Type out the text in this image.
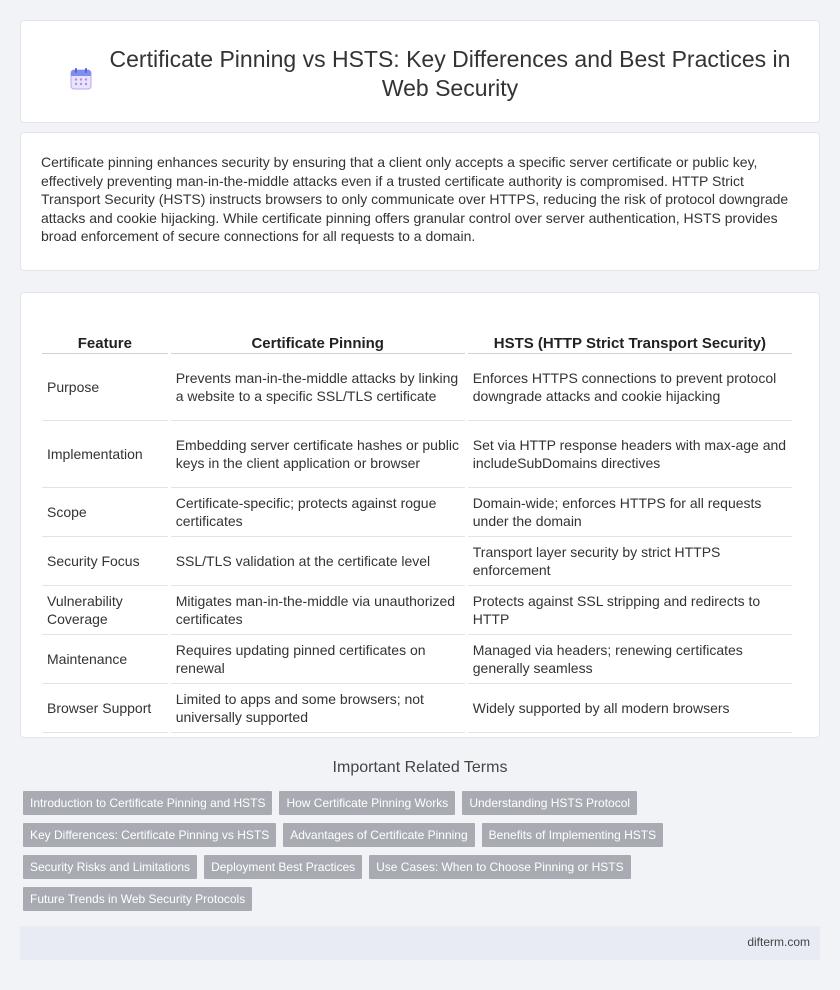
Certificate Pinning vs HSTS: Key Differences and Best Practices in Web Security

Certificate pinning enhances security by ensuring that a client only accepts a specific server certificate or public key, effectively preventing man-in-the-middle attacks even if a trusted certificate authority is compromised. HTTP Strict Transport Security (HSTS) instructs browsers to only communicate over HTTPS, reducing the risk of protocol downgrade attacks and cookie hijacking. While certificate pinning offers granular control over server authentication, HSTS provides broad enforcement of secure connections for all requests to a domain.

Feature	Certificate Pinning	HSTS (HTTP Strict Transport Security)
Purpose	Prevents man-in-the-middle attacks by linking a website to a specific SSL/TLS certificate	Enforces HTTPS connections to prevent protocol downgrade attacks and cookie hijacking
Implementation	Embedding server certificate hashes or public keys in the client application or browser	Set via HTTP response headers with max-age and includeSubDomains directives
Scope	Certificate-specific; protects against rogue certificates	Domain-wide; enforces HTTPS for all requests under the domain
Security Focus	SSL/TLS validation at the certificate level	Transport layer security by strict HTTPS enforcement
Vulnerability Coverage	Mitigates man-in-the-middle via unauthorized certificates	Protects against SSL stripping and redirects to HTTP
Maintenance	Requires updating pinned certificates on renewal	Managed via headers; renewing certificates generally seamless
Browser Support	Limited to apps and some browsers; not universally supported	Widely supported by all modern browsers
Important Related Terms
Introduction to Certificate Pinning and HSTS	How Certificate Pinning Works	Understanding HSTS Protocol
Key Differences: Certificate Pinning vs HSTS	Advantages of Certificate Pinning	Benefits of Implementing HSTS
Security Risks and Limitations	Deployment Best Practices	Use Cases: When to Choose Pinning or HSTS
Future Trends in Web Security Protocols
difterm.com
